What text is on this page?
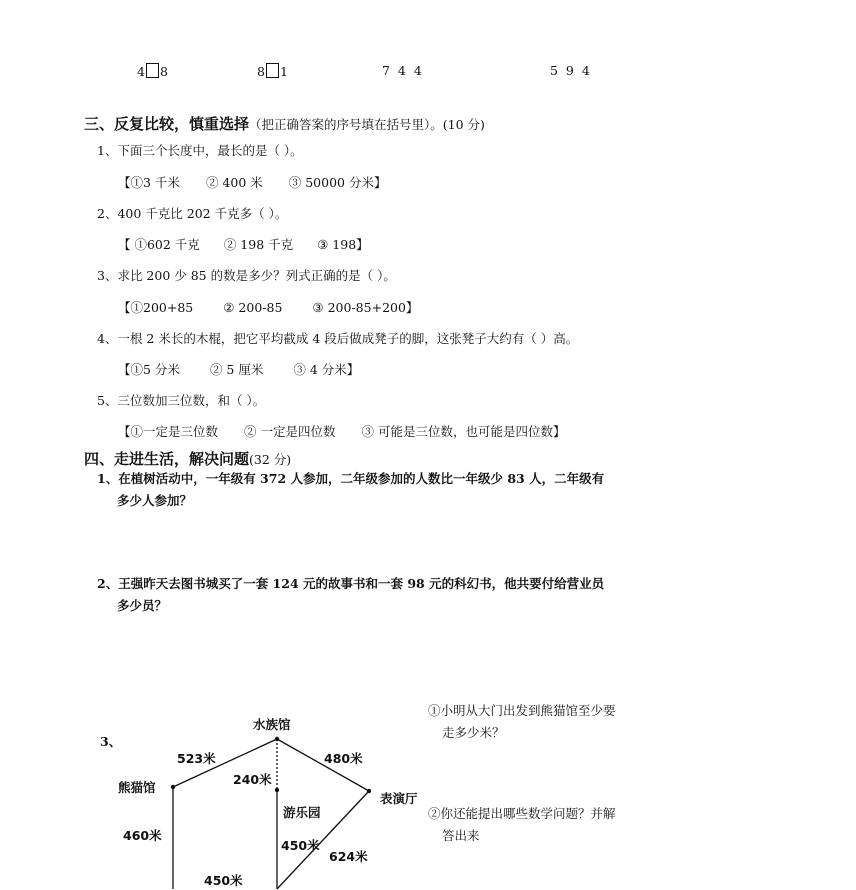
4 8	8 1	7 4 4	5 9 4
三、反复比较，慎重选择（把正确答案的序号填在括号里）。(10 分)
1、下面三个长度中，最长的是（ ）。
【①3 千米 ② 400 米 ③ 50000 分米】
2、400 千克比 202 千克多（ ）。
【 ①602 千克 ② 198 千克 ③ 198】
3、求比 200 少 85 的数是多少？列式正确的是（ ）。
【①200+85 ② 200-85 ③ 200-85+200】
4、一根 2 米长的木棍，把它平均截成 4 段后做成凳子的脚，这张凳子大约有（ ）高。
【①5 分米 ② 5 厘米 ③ 4 分米】
5、三位数加三位数，和（ ）。
【①一定是三位数 ② 一定是四位数 ③ 可能是三位数，也可能是四位数】
四、走进生活，解决问题(32 分)
1、在植树活动中，一年级有 372 人参加，二年级参加的人数比一年级少 83 人，二年级有
多少人参加？
2、王强昨天去图书城买了一套 124 元的故事书和一套 98 元的科幻书，他共要付给营业员
多少员？
3、
①小明从大门出发到熊猫馆至少要
走多少米？
②你还能提出哪些数学问题？并解
答出来
水族馆
熊猫馆
表演厅
游乐园
523米	480米
240米
460米
450米
624米
450米
